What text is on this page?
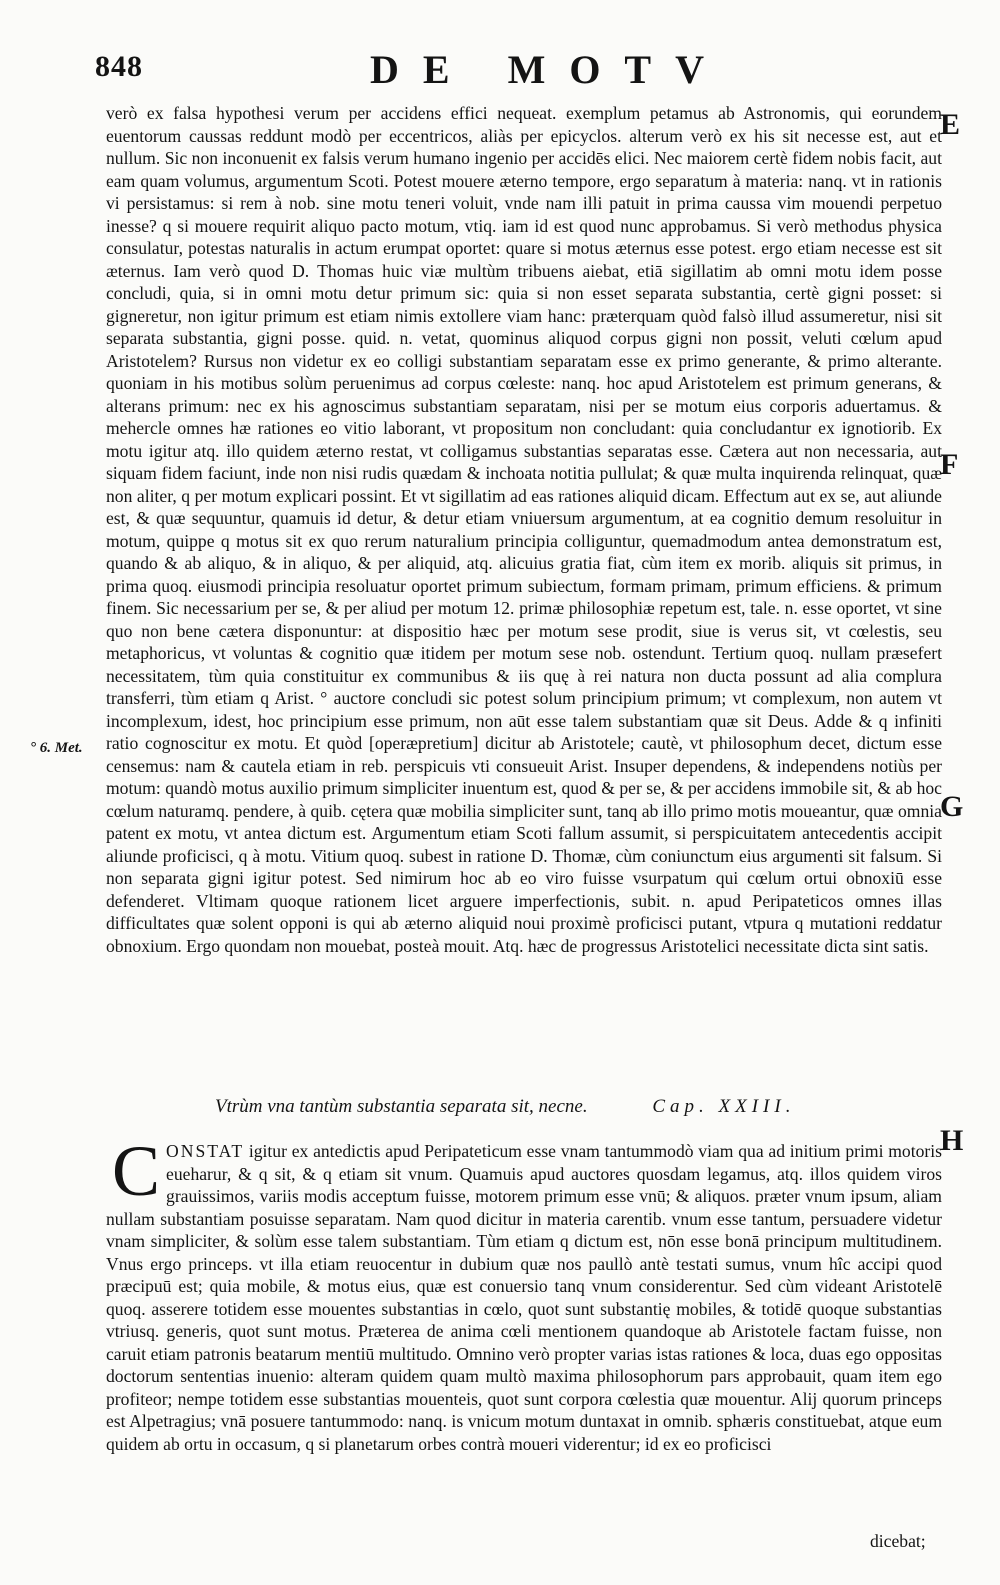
848	DE MOTV
E
F
G
H
° 6. Met.

verò ex falsa hypothesi verum per accidens effici nequeat. exemplum petamus ab Astronomis, qui eorundem euentorum caussas reddunt modò per eccentricos, aliàs per epicyclos. alterum verò ex his sit necesse est, aut et nullum. Sic non inconuenit ex falsis verum humano ingenio per accidēs elici. Nec maiorem certè fidem nobis facit, aut eam quam volumus, argumentum Scoti. Potest mouere æterno tempore, ergo separatum à materia: nanq. vt in rationis vi persistamus: si rem à nob. sine motu teneri voluit, vnde nam illi patuit in prima caussa vim mouendi perpetuo inesse? q si mouere requirit aliquo pacto motum, vtiq. iam id est quod nunc approbamus. Si verò methodus physica consulatur, potestas naturalis in actum erumpat oportet: quare si motus æternus esse potest. ergo etiam necesse est sit æternus. Iam verò quod D. Thomas huic viæ multùm tribuens aiebat, etiā sigillatim ab omni motu idem posse concludi, quia, si in omni motu detur primum sic: quia si non esset separata substantia, certè gigni posset: si gigneretur, non igitur primum est etiam nimis extollere viam hanc: præterquam quòd falsò illud assumeretur, nisi sit separata substantia, gigni posse. quid. n. vetat, quominus aliquod corpus gigni non possit, veluti cœlum apud Aristotelem? Rursus non videtur ex eo colligi substantiam separatam esse ex primo generante, & primo alterante. quoniam in his motibus solùm peruenimus ad corpus cœleste: nanq. hoc apud Aristotelem est primum generans, & alterans primum: nec ex his agnoscimus substantiam separatam, nisi per se motum eius corporis aduertamus. & mehercle omnes hæ rationes eo vitio laborant, vt propositum non concludant: quia concludantur ex ignotiorib. Ex motu igitur atq. illo quidem æterno restat, vt colligamus substantias separatas esse. Cætera aut non necessaria, aut siquam fidem faciunt, inde non nisi rudis quædam & inchoata notitia pullulat; & quæ multa inquirenda relinquat, quæ non aliter, q per motum explicari possint. Et vt sigillatim ad eas rationes aliquid dicam. Effectum aut ex se, aut aliunde est, & quæ sequuntur, quamuis id detur, & detur etiam vniuersum argumentum, at ea cognitio demum resoluitur in motum, quippe q motus sit ex quo rerum naturalium principia colliguntur, quemadmodum antea demonstratum est, quando & ab aliquo, & in aliquo, & per aliquid, atq. alicuius gratia fiat, cùm item ex morib. aliquis sit primus, in prima quoq. eiusmodi principia resoluatur oportet primum subiectum, formam primam, primum efficiens. & primum finem. Sic necessarium per se, & per aliud per motum 12. primæ philosophiæ repetum est, tale. n. esse oportet, vt sine quo non bene cætera disponuntur: at dispositio hæc per motum sese prodit, siue is verus sit, vt cœlestis, seu metaphoricus, vt voluntas & cognitio quæ itidem per motum sese nob. ostendunt. Tertium quoq. nullam præsefert necessitatem, tùm quia constituitur ex communibus & iis quę à rei natura non ducta possunt ad alia complura transferri, tùm etiam q Arist. ° auctore concludi sic potest solum principium primum; vt complexum, non autem vt incomplexum, idest, hoc principium esse primum, non aūt esse talem substantiam quæ sit Deus. Adde & q infiniti ratio cognoscitur ex motu. Et quòd [operæpretium] dicitur ab Aristotele; cautè, vt philosophum decet, dictum esse censemus: nam & cautela etiam in reb. perspicuis vti consueuit Arist. Insuper dependens, & independens notiùs per motum: quandò motus auxilio primum simpliciter inuentum est, quod & per se, & per accidens immobile sit, & ab hoc cœlum naturamq. pendere, à quib. cętera quæ mobilia simpliciter sunt, tanq ab illo primo motis moueantur, quæ omnia patent ex motu, vt antea dictum est. Argumentum etiam Scoti fallum assumit, si perspicuitatem antecedentis accipit aliunde proficisci, q à motu. Vitium quoq. subest in ratione D. Thomæ, cùm coniunctum eius argumenti sit falsum. Si non separata gigni igitur potest. Sed nimirum hoc ab eo viro fuisse vsurpatum qui cœlum ortui obnoxiū esse defenderet. Vltimam quoque rationem licet arguere imperfectionis, subit. n. apud Peripateticos omnes illas difficultates quæ solent opponi is qui ab æterno aliquid noui proximè proficisci putant, vtpura q mutationi reddatur obnoxium. Ergo quondam non mouebat, posteà mouit. Atq. hæc de progressus Aristotelici necessitate dicta sint satis.

Vtrùm vna tantùm substantia separata sit, necne.	Cap. XXIII.

CONSTAT igitur ex antedictis apud Peripateticum esse vnam tantummodò viam qua ad initium primi motoris eueharur, & q sit, & q etiam sit vnum. Quamuis apud auctores quosdam legamus, atq. illos quidem viros grauissimos, variis modis acceptum fuisse, motorem primum esse vnū; & aliquos. præter vnum ipsum, aliam nullam substantiam posuisse separatam. Nam quod dicitur in materia carentib. vnum esse tantum, persuadere videtur vnam simpliciter, & solùm esse talem substantiam. Tùm etiam q dictum est, nōn esse bonā principum multitudinem. Vnus ergo princeps. vt illa etiam reuocentur in dubium quæ nos paullò antè testati sumus, vnum hîc accipi quod præcipuū est; quia mobile, & motus eius, quæ est conuersio tanq vnum considerentur. Sed cùm videant Aristotelē quoq. asserere totidem esse mouentes substantias in cœlo, quot sunt substantię mobiles, & totidē quoque substantias vtriusq. generis, quot sunt motus. Præterea de anima cœli mentionem quandoque ab Aristotele factam fuisse, non caruit etiam patronis beatarum mentiū multitudo. Omnino verò propter varias istas rationes & loca, duas ego oppositas doctorum sententias inuenio: alteram quidem quam multò maxima philosophorum pars approbauit, quam item ego profiteor; nempe totidem esse substantias mouenteis, quot sunt corpora cœlestia quæ mouentur. Alij quorum princeps est Alpetragius; vnā posuere tantummodo: nanq. is vnicum motum duntaxat in omnib. sphæris constituebat, atque eum quidem ab ortu in occasum, q si planetarum orbes contrà moueri viderentur; id ex eo proficisci

dicebat;
